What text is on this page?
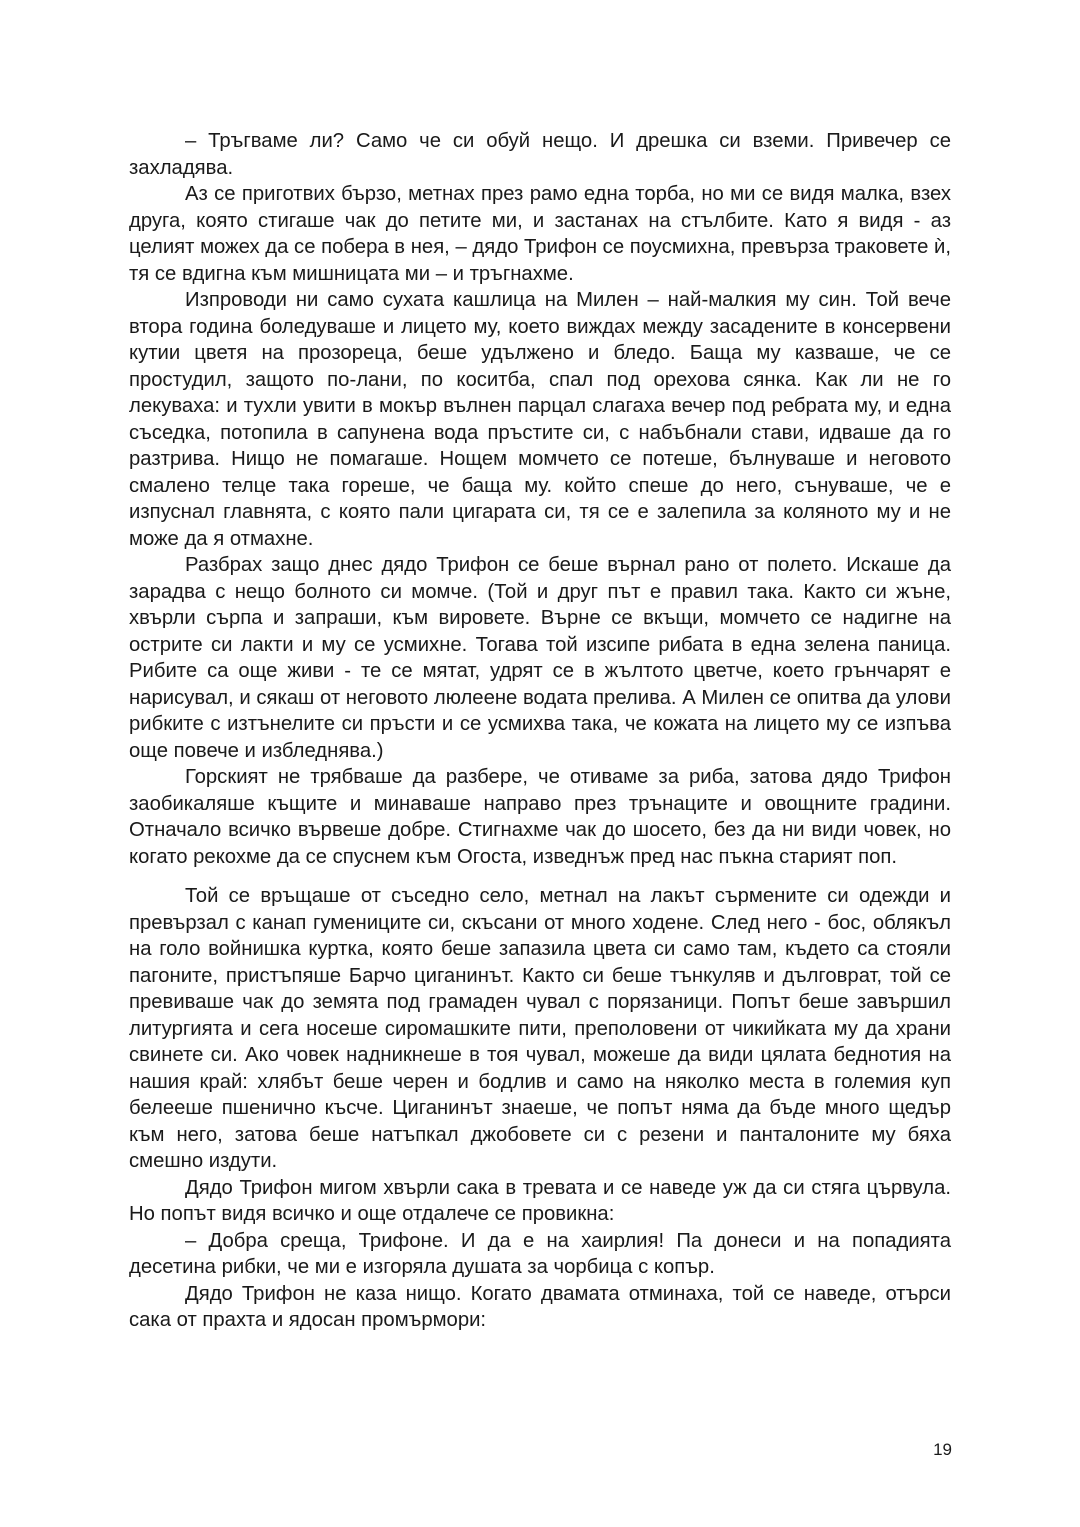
– Тръгваме ли? Само че си обуй нещо. И дрешка си вземи. Привечер се захладява.

Аз се приготвих бързо, метнах през рамо една торба, но ми се видя малка, взех друга, която стигаше чак до петите ми, и застанах на стълбите. Като я видя - аз целият можех да се побера в нея, – дядо Трифон се поусмихна, превърза траковете ѝ, тя се вдигна към мишницата ми – и тръгнахме.

Изпроводи ни само сухата кашлица на Милен – най-малкия му син. Той вече втора година боледуваше и лицето му, което виждах между засадените в консервени кутии цветя на прозореца, беше удължено и бледо. Баща му казваше, че се простудил, защото по-лани, по коситба, спал под орехова сянка. Как ли не го лекуваха: и тухли увити в мокър вълнен парцал слагаха вечер под ребрата му, и една съседка, потопила в сапунена вода пръстите си, с набъбнали стави, идваше да го разтрива. Нищо не помагаше. Нощем момчето се потеше, бълнуваше и неговото смалено телце така гореше, че баща му. който спеше до него, сънуваше, че е изпуснал главнята, с която пали цигарата си, тя се е залепила за коляното му и не може да я отмахне.

Разбрах защо днес дядо Трифон се беше върнал рано от полето. Искаше да зарадва с нещо болното си момче. (Той и друг път е правил така. Както си жъне, хвърли сърпа и запраши, към вировете. Върне се вкъщи, момчето се надигне на острите си лакти и му се усмихне. Тогава той изсипе рибата в една зелена паница. Рибите са още живи - те се мятат, удрят се в жълтото цветче, което грънчарят е нарисувал, и сякаш от неговото люлеене водата прелива. А Милен се опитва да улови рибките с изтънелите си пръсти и се усмихва така, че кожата на лицето му се изпъва още повече и избледнява.)

Горският не трябваше да разбере, че отиваме за риба, затова дядо Трифон заобикаляше къщите и минаваше направо през трънаците и овощните градини. Отначало всичко вървеше добре. Стигнахме чак до шосето, без да ни види човек, но когато рекохме да се спуснем към Огоста, изведнъж пред нас пъкна старият поп.

Той се връщаше от съседно село, метнал на лакът сърмените си одежди и превързал с канап гумениците си, скъсани от много ходене. След него - бос, облякъл на голо войнишка куртка, която беше запазила цвета си само там, където са стояли пагоните, пристъпяше Барчо циганинът. Както си беше тънкуляв и дълговрат, той се превиваше чак до земята под грамаден чувал с порязаници. Попът беше завършил литургията и сега носеше сиромашките пити, преполовени от чикийката му да храни свинете си. Ако човек надникнеше в тоя чувал, можеше да види цялата беднотия на нашия край: хлябът беше черен и бодлив и само на няколко места в големия куп белееше пшенично късче. Циганинът знаеше, че попът няма да бъде много щедър към него, затова беше натъпкал джобовете си с резени и панталоните му бяха смешно издути.

Дядо Трифон мигом хвърли сака в тревата и се наведе уж да си стяга цървула. Но попът видя всичко и още отдалече се провикна:

– Добра среща, Трифоне. И да е на хаирлия! Па донеси и на попадията десетина рибки, че ми е изгоряла душата за чорбица с копър.

Дядо Трифон не каза нищо. Когато двамата отминаха, той се наведе, отърси сака от прахта и ядосан промърмори:

19
